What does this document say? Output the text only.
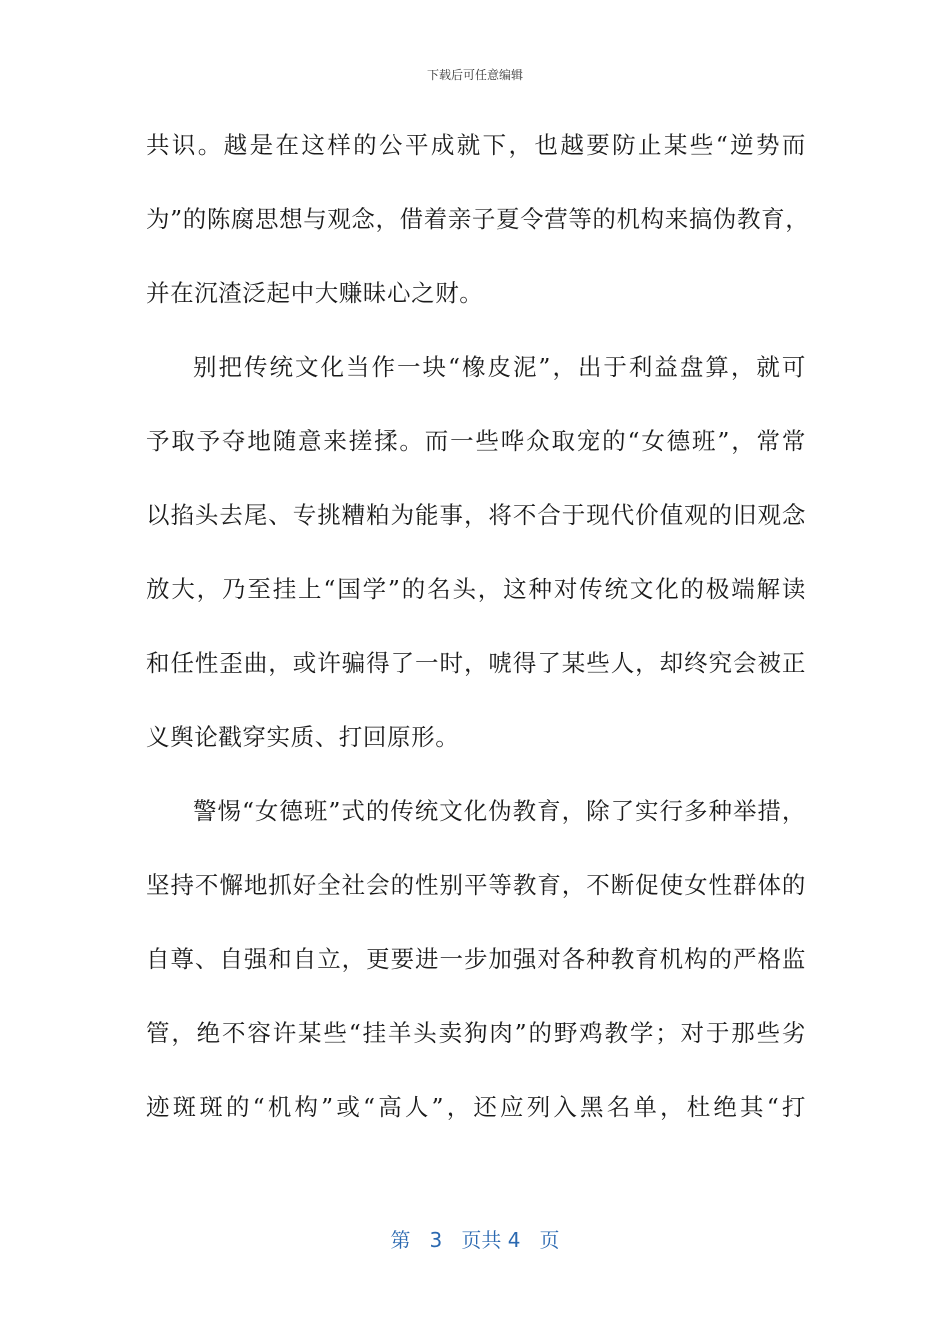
下载后可任意编辑
共识。越是在这样的公平成就下，也越要防止某些“逆势而
为”的陈腐思想与观念，借着亲子夏令营等的机构来搞伪教育，
并在沉渣泛起中大赚昧心之财。
别把传统文化当作一块“橡皮泥”，出于利益盘算，就可
予取予夺地随意来搓揉。而一些哗众取宠的“女德班”，常常
以掐头去尾、专挑糟粕为能事，将不合于现代价值观的旧观念
放大，乃至挂上“国学”的名头，这种对传统文化的极端解读
和任性歪曲，或许骗得了一时，唬得了某些人，却终究会被正
义舆论戳穿实质、打回原形。
警惕“女德班”式的传统文化伪教育，除了实行多种举措，
坚持不懈地抓好全社会的性别平等教育，不断促使女性群体的
自尊、自强和自立，更要进一步加强对各种教育机构的严格监
管，绝不容许某些“挂羊头卖狗肉”的野鸡教学；对于那些劣
迹斑斑的“机构”或“高人”，还应列入黑名单，杜绝其“打
第 3 页共 4 页
